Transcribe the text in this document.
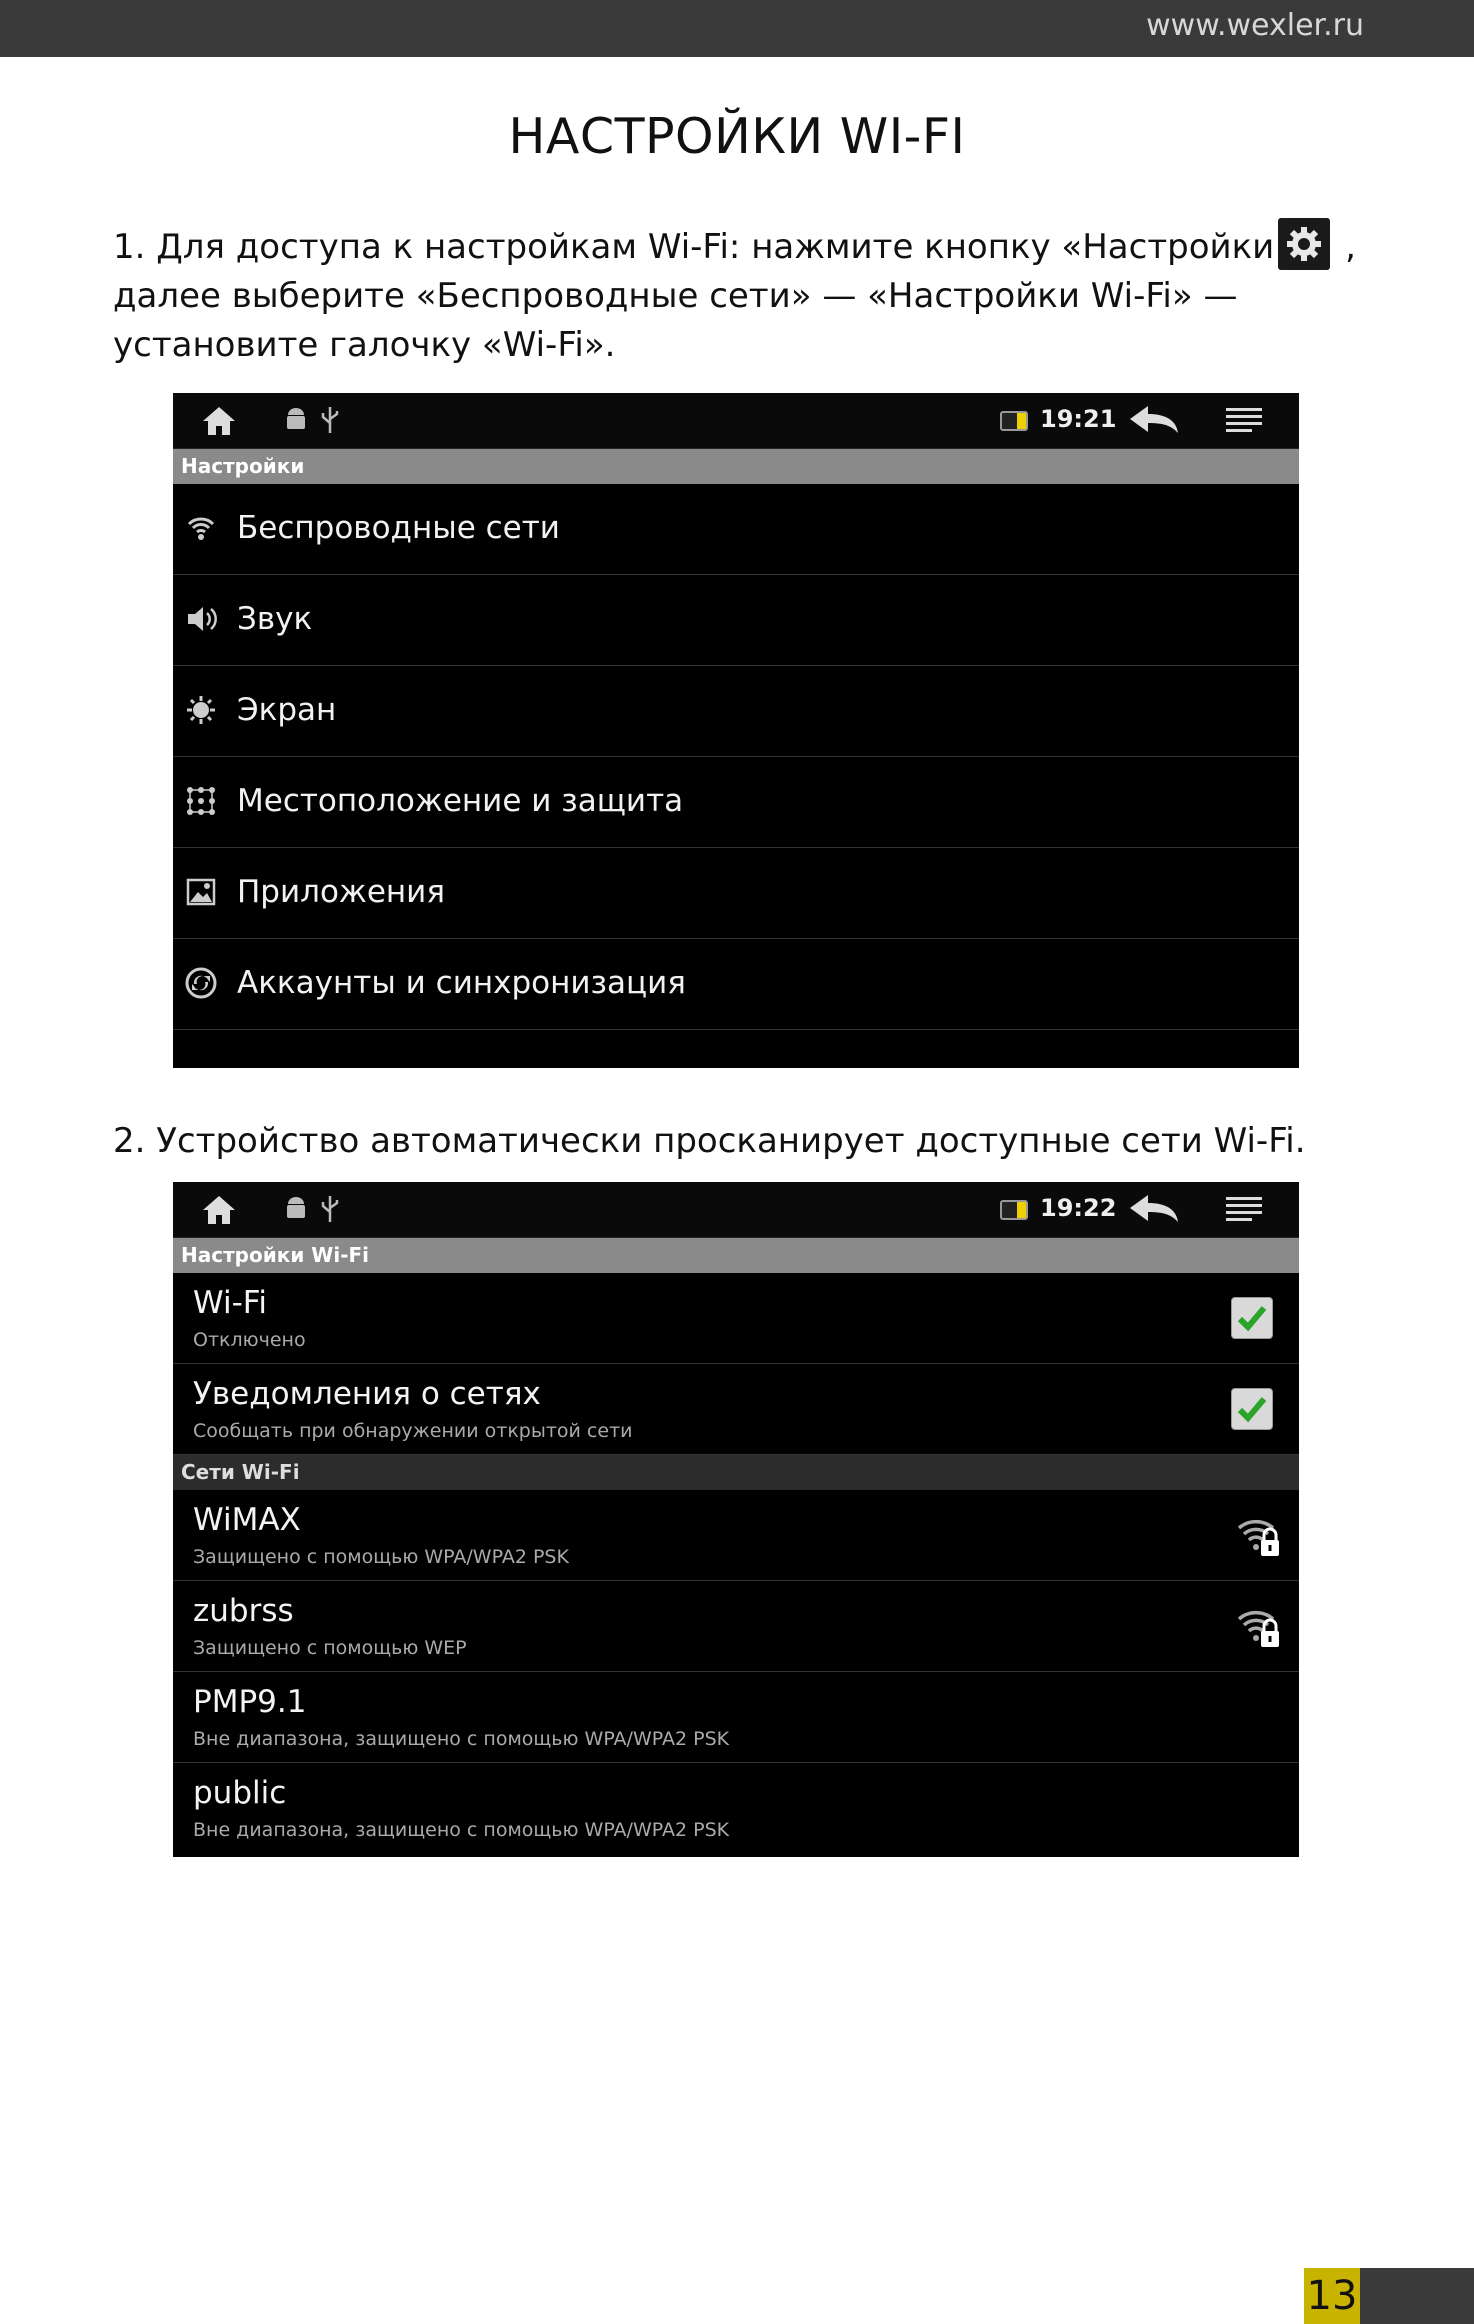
www.wexler.ru
НАСТРОЙКИ WI-FI
1. Для доступа к настройкам Wi-Fi: нажмите кнопку «Настройки , далее выберите «Беспроводные сети» — «Настройки Wi-Fi» — установите галочку «Wi-Fi».
19:21
Настройки
Беспроводные сети
Звук
Экран
Местоположение и защита
Приложения
Аккаунты и синхронизация
2. Устройство автоматически просканирует доступные сети Wi-Fi.
19:22
Настройки Wi-Fi
Wi-Fi
Отключено
Уведомления о сетях
Сообщать при обнаружении открытой сети
Сети Wi-Fi
WiMAX
Защищено с помощью WPA/WPA2 PSK
zubrss
Защищено с помощью WEP
PMP9.1
Вне диапазона, защищено с помощью WPA/WPA2 PSK
public
Вне диапазона, защищено с помощью WPA/WPA2 PSK
13
